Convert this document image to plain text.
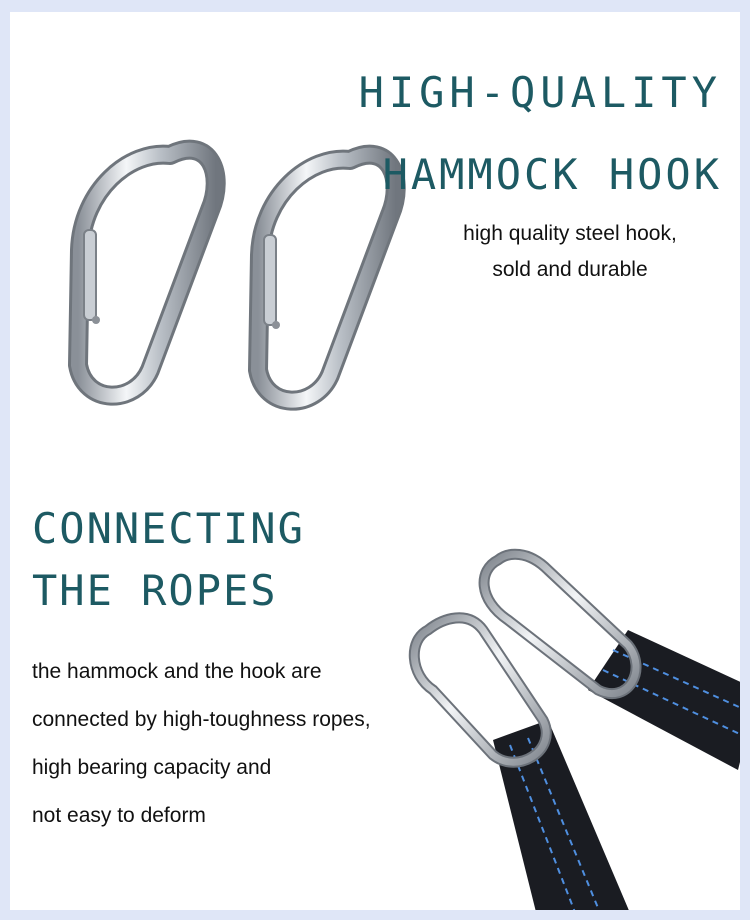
HIGH-QUALITY
HAMMOCK HOOK
high quality steel hook,
sold and durable
CONNECTING
THE ROPES
the hammock and the hook are
connected by high-toughness ropes,
high bearing capacity and
not easy to deform
